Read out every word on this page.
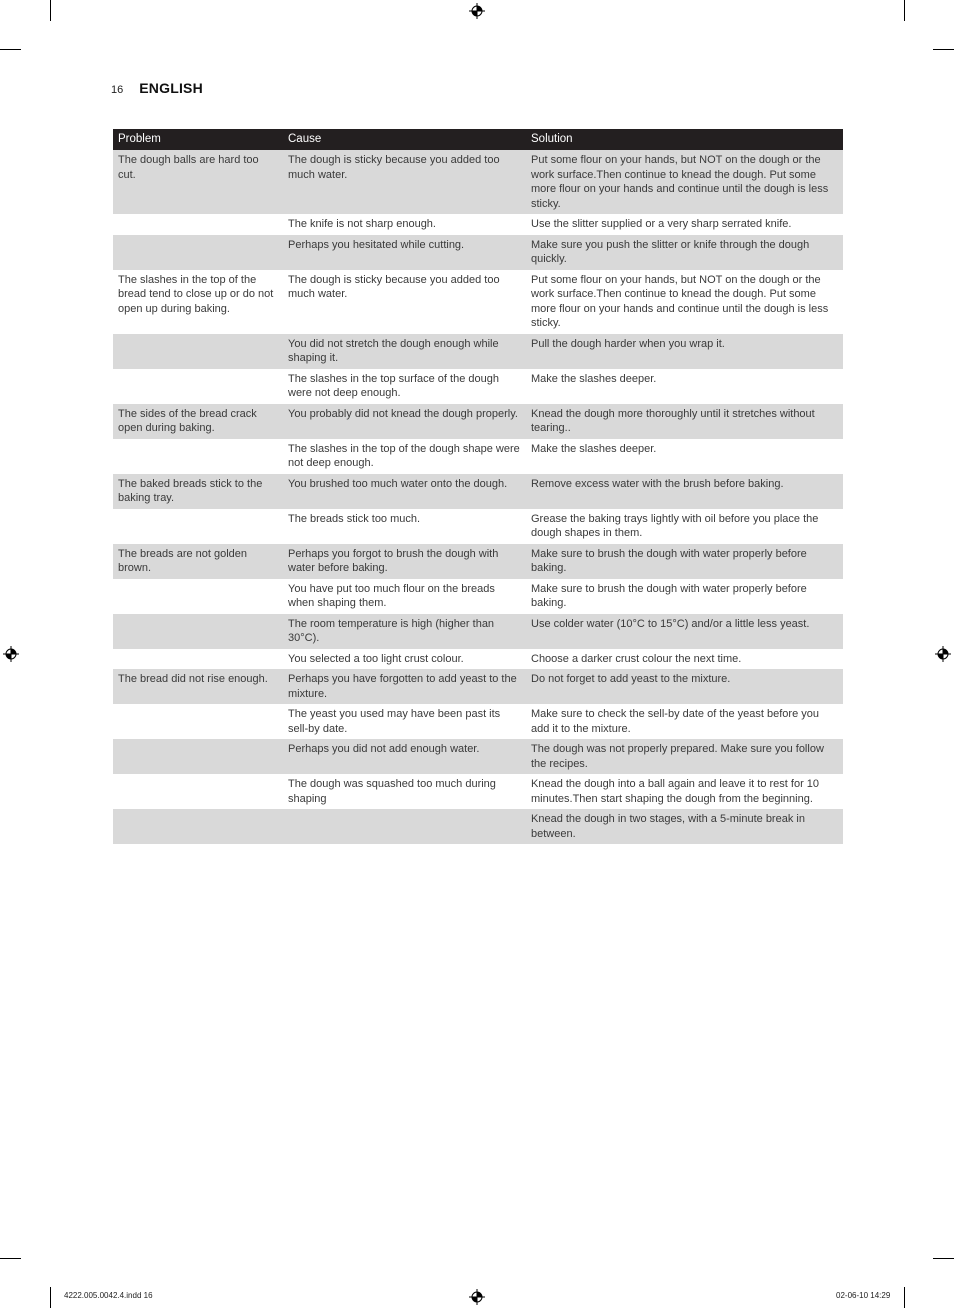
16 ENGLISH
Problem	Cause	Solution
The dough balls are hard too cut.	The dough is sticky because you added too much water.	Put some flour on your hands, but NOT on the dough or the work surface.Then continue to knead the dough. Put some more flour on your hands and continue until the dough is less sticky.
	The knife is not sharp enough.	Use the slitter supplied or a very sharp serrated knife.
	Perhaps you hesitated while cutting.	Make sure you push the slitter or knife through the dough quickly.
The slashes in the top of the bread tend to close up or do not open up during baking.	The dough is sticky because you added too much water.	Put some flour on your hands, but NOT on the dough or the work surface.Then continue to knead the dough. Put some more flour on your hands and continue until the dough is less sticky.
	You did not stretch the dough enough while shaping it.	Pull the dough harder when you wrap it.
	The slashes in the top surface of the dough were not deep enough.	Make the slashes deeper.
The sides of the bread crack open during baking.	You probably did not knead the dough properly.	Knead the dough more thoroughly until it stretches without tearing..
	The slashes in the top of the dough shape were not deep enough.	Make the slashes deeper.
The baked breads stick to the baking tray.	You brushed too much water onto the dough.	Remove excess water with the brush before baking.
	The breads stick too much.	Grease the baking trays lightly with oil before you place the dough shapes in them.
The breads are not golden brown.	Perhaps you forgot to brush the dough with water before baking.	Make sure to brush the dough with water properly before baking.
	You have put too much flour on the breads when shaping them.	Make sure to brush the dough with water properly before baking.
	The room temperature is high (higher than 30°C).	Use colder water (10°C to 15°C) and/or a little less yeast.
	You selected a too light crust colour.	Choose a darker crust colour the next time.
The bread did not rise enough.	Perhaps you have forgotten to add yeast to the mixture.	Do not forget to add yeast to the mixture.
	The yeast you used may have been past its sell-by date.	Make sure to check the sell-by date of the yeast before you add it to the mixture.
	Perhaps you did not add enough water.	The dough was not properly prepared. Make sure you follow the recipes.
	The dough was squashed too much during shaping	Knead the dough into a ball again and leave it to rest for 10 minutes.Then start shaping the dough from the beginning.
		Knead the dough in two stages, with a 5-minute break in between.
4222.005.0042.4.indd 16	02-06-10 14:29
